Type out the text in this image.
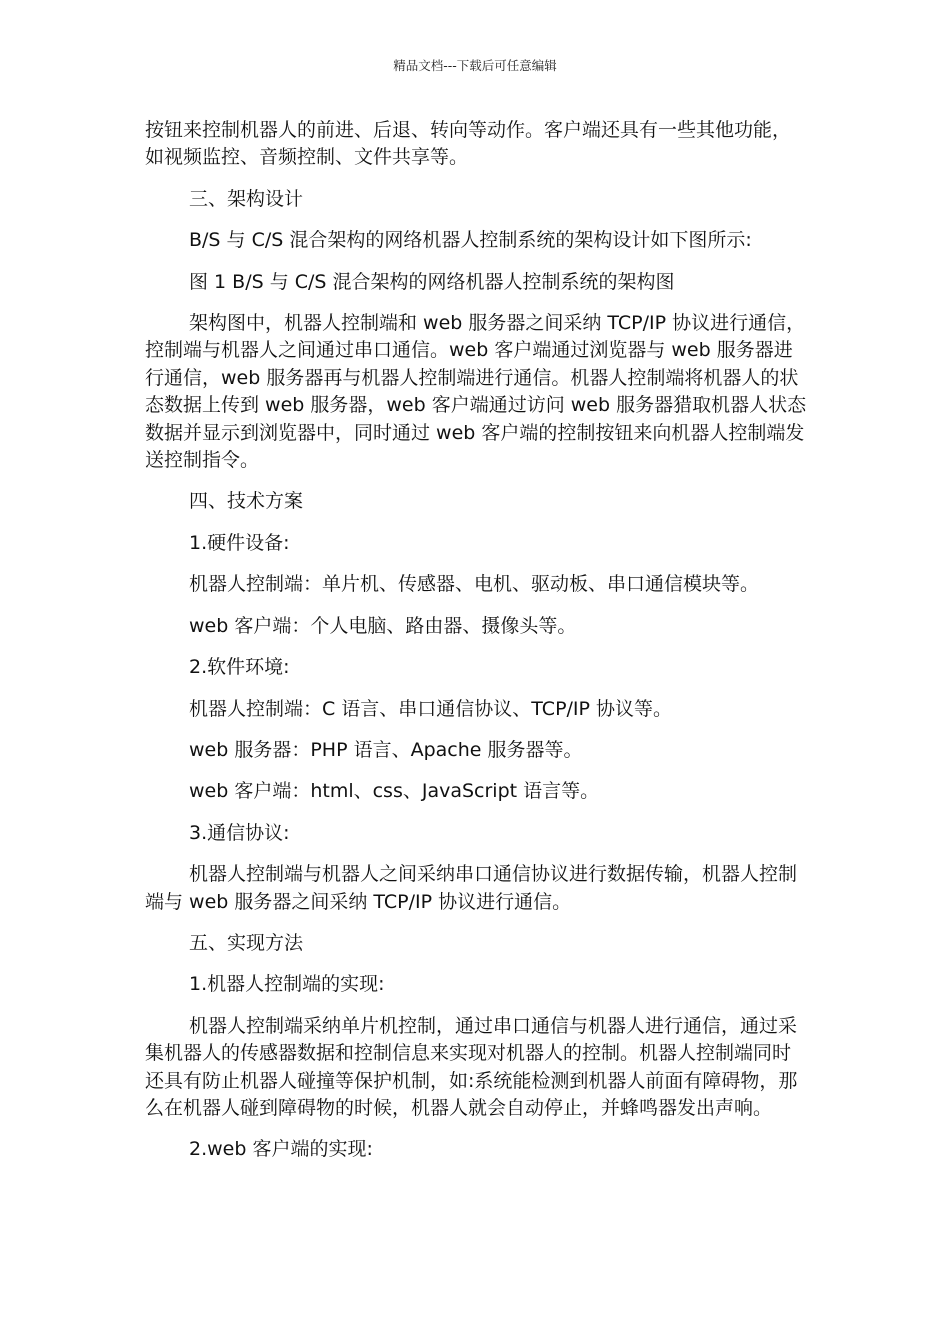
精品文档---下载后可任意编辑

按钮来控制机器人的前进、后退、转向等动作。客户端还具有一些其他功能，如视频监控、音频控制、文件共享等。

三、架构设计

B/S 与 C/S 混合架构的网络机器人控制系统的架构设计如下图所示:

图 1 B/S 与 C/S 混合架构的网络机器人控制系统的架构图

架构图中，机器人控制端和 web 服务器之间采纳 TCP/IP 协议进行通信，控制端与机器人之间通过串口通信。web 客户端通过浏览器与 web 服务器进行通信，web 服务器再与机器人控制端进行通信。机器人控制端将机器人的状态数据上传到 web 服务器，web 客户端通过访问 web 服务器猎取机器人状态数据并显示到浏览器中，同时通过 web 客户端的控制按钮来向机器人控制端发送控制指令。

四、技术方案

1.硬件设备:

机器人控制端：单片机、传感器、电机、驱动板、串口通信模块等。

web 客户端：个人电脑、路由器、摄像头等。

2.软件环境:

机器人控制端：C 语言、串口通信协议、TCP/IP 协议等。

web 服务器：PHP 语言、Apache 服务器等。

web 客户端：html、css、JavaScript 语言等。

3.通信协议:

机器人控制端与机器人之间采纳串口通信协议进行数据传输，机器人控制端与 web 服务器之间采纳 TCP/IP 协议进行通信。

五、实现方法

1.机器人控制端的实现:

机器人控制端采纳单片机控制，通过串口通信与机器人进行通信，通过采集机器人的传感器数据和控制信息来实现对机器人的控制。机器人控制端同时还具有防止机器人碰撞等保护机制，如:系统能检测到机器人前面有障碍物，那么在机器人碰到障碍物的时候，机器人就会自动停止，并蜂鸣器发出声响。

2.web 客户端的实现:
